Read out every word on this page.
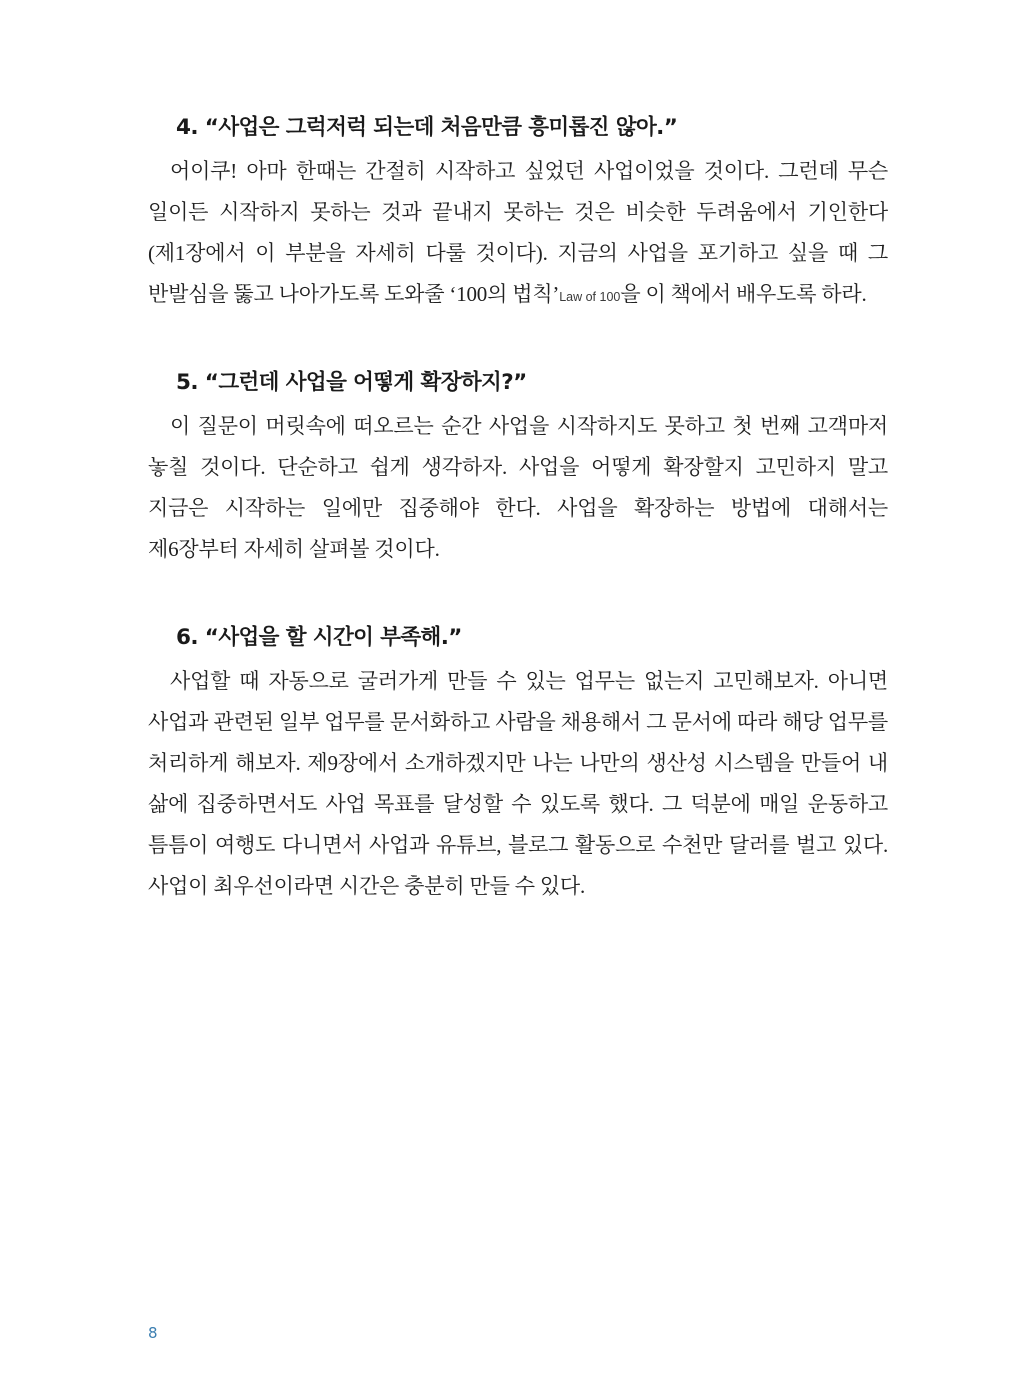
4. “사업은 그럭저럭 되는데 처음만큼 흥미롭진 않아.”

어이쿠! 아마 한때는 간절히 시작하고 싶었던 사업이었을 것이다. 그런데 무슨 일이든 시작하지 못하는 것과 끝내지 못하는 것은 비슷한 두려움에서 기인한다(제1장에서 이 부분을 자세히 다룰 것이다). 지금의 사업을 포기하고 싶을 때 그 반발심을 뚫고 나아가도록 도와줄 ‘100의 법칙’Law of 100을 이 책에서 배우도록 하라.

5. “그런데 사업을 어떻게 확장하지?”

이 질문이 머릿속에 떠오르는 순간 사업을 시작하지도 못하고 첫 번째 고객마저 놓칠 것이다. 단순하고 쉽게 생각하자. 사업을 어떻게 확장할지 고민하지 말고 지금은 시작하는 일에만 집중해야 한다. 사업을 확장하는 방법에 대해서는 제6장부터 자세히 살펴볼 것이다.

6. “사업을 할 시간이 부족해.”

사업할 때 자동으로 굴러가게 만들 수 있는 업무는 없는지 고민해보자. 아니면 사업과 관련된 일부 업무를 문서화하고 사람을 채용해서 그 문서에 따라 해당 업무를 처리하게 해보자. 제9장에서 소개하겠지만 나는 나만의 생산성 시스템을 만들어 내 삶에 집중하면서도 사업 목표를 달성할 수 있도록 했다. 그 덕분에 매일 운동하고 틈틈이 여행도 다니면서 사업과 유튜브, 블로그 활동으로 수천만 달러를 벌고 있다. 사업이 최우선이라면 시간은 충분히 만들 수 있다.

8
